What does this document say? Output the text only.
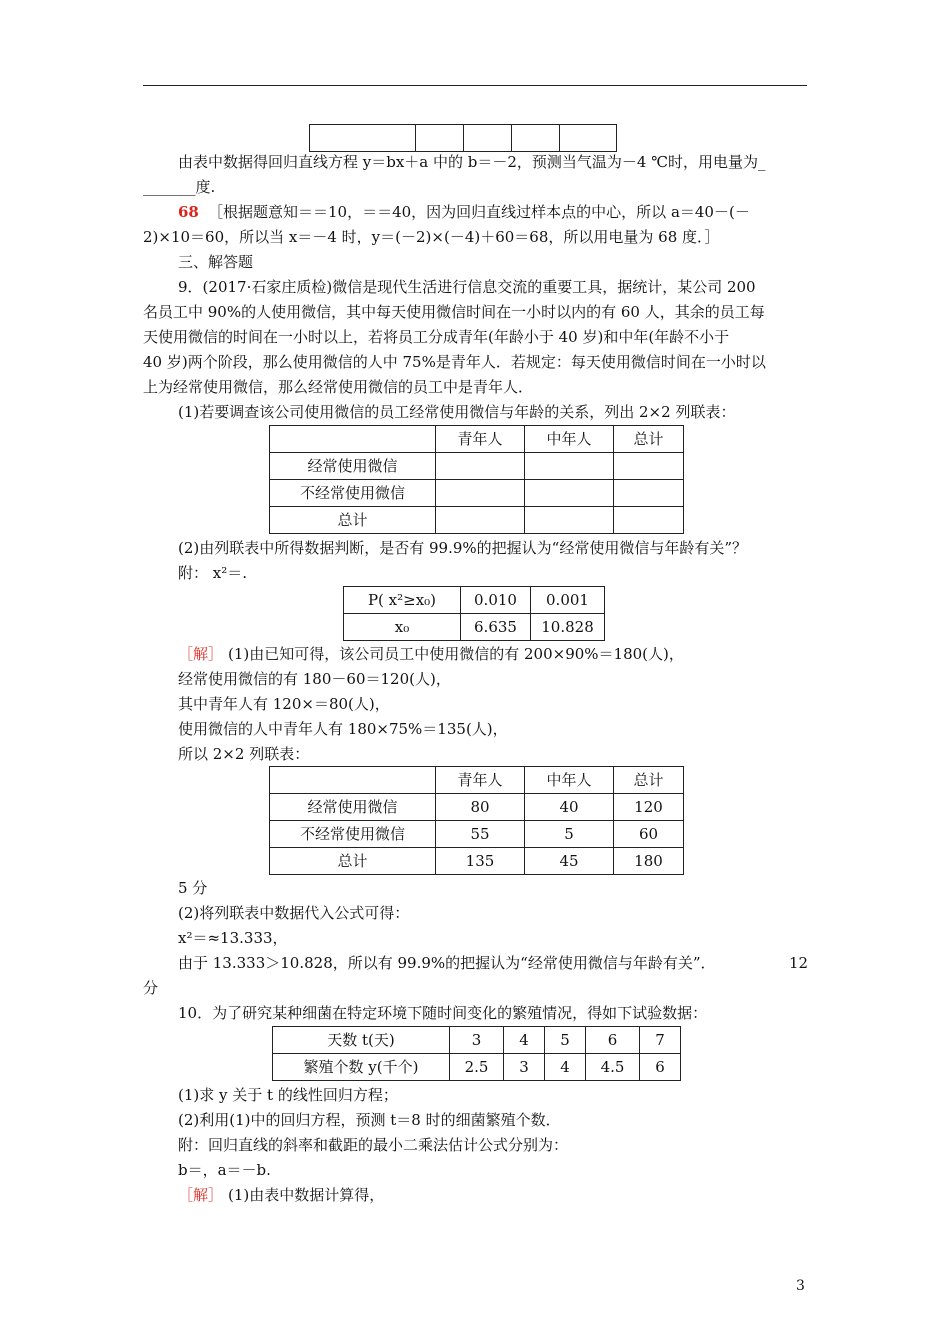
由表中数据得回归直线方程 y＝bx＋a 中的 b＝－2，预测当气温为－4 ℃时，用电量为_
_______度.
68 ［根据题意知＝＝10，＝＝40，因为回归直线过样本点的中心，所以 a＝40－(－
2)×10＝60，所以当 x＝－4 时，y＝(－2)×(－4)＋60＝68，所以用电量为 68 度．］
三、解答题
9．(2017·石家庄质检)微信是现代生活进行信息交流的重要工具，据统计，某公司 200
名员工中 90%的人使用微信，其中每天使用微信时间在一小时以内的有 60 人，其余的员工每
天使用微信的时间在一小时以上，若将员工分成青年(年龄小于 40 岁)和中年(年龄不小于
40 岁)两个阶段，那么使用微信的人中 75%是青年人．若规定：每天使用微信时间在一小时以
上为经常使用微信，那么经常使用微信的员工中是青年人．
(1)若要调查该公司使用微信的员工经常使用微信与年龄的关系，列出 2×2 列联表：
	青年人	中年人	总计
经常使用微信			
不经常使用微信			
总计			
(2)由列联表中所得数据判断，是否有 99.9%的把握认为“经常使用微信与年龄有关”？
附： x²＝.
P( x²≥x₀)	0.010	0.001
x₀	6.635	10.828
［解］ (1)由已知可得，该公司员工中使用微信的有 200×90%＝180(人)，
经常使用微信的有 180－60＝120(人)，
其中青年人有 120×＝80(人)，
使用微信的人中青年人有 180×75%＝135(人)，
所以 2×2 列联表：
	青年人	中年人	总计
经常使用微信	80	40	120
不经常使用微信	55	5	60
总计	135	45	180
5 分
(2)将列联表中数据代入公式可得：
x²＝≈13.333，
由于 13.333＞10.828，所以有 99.9%的把握认为“经常使用微信与年龄有关”．	12
分
10．为了研究某种细菌在特定环境下随时间变化的繁殖情况，得如下试验数据：
天数 t(天)	3	4	5	6	7
繁殖个数 y(千个)	2.5	3	4	4.5	6
(1)求 y 关于 t 的线性回归方程；
(2)利用(1)中的回归方程，预测 t＝8 时的细菌繁殖个数．
附：回归直线的斜率和截距的最小二乘法估计公式分别为：
b＝，a＝－b.
［解］ (1)由表中数据计算得，
3
